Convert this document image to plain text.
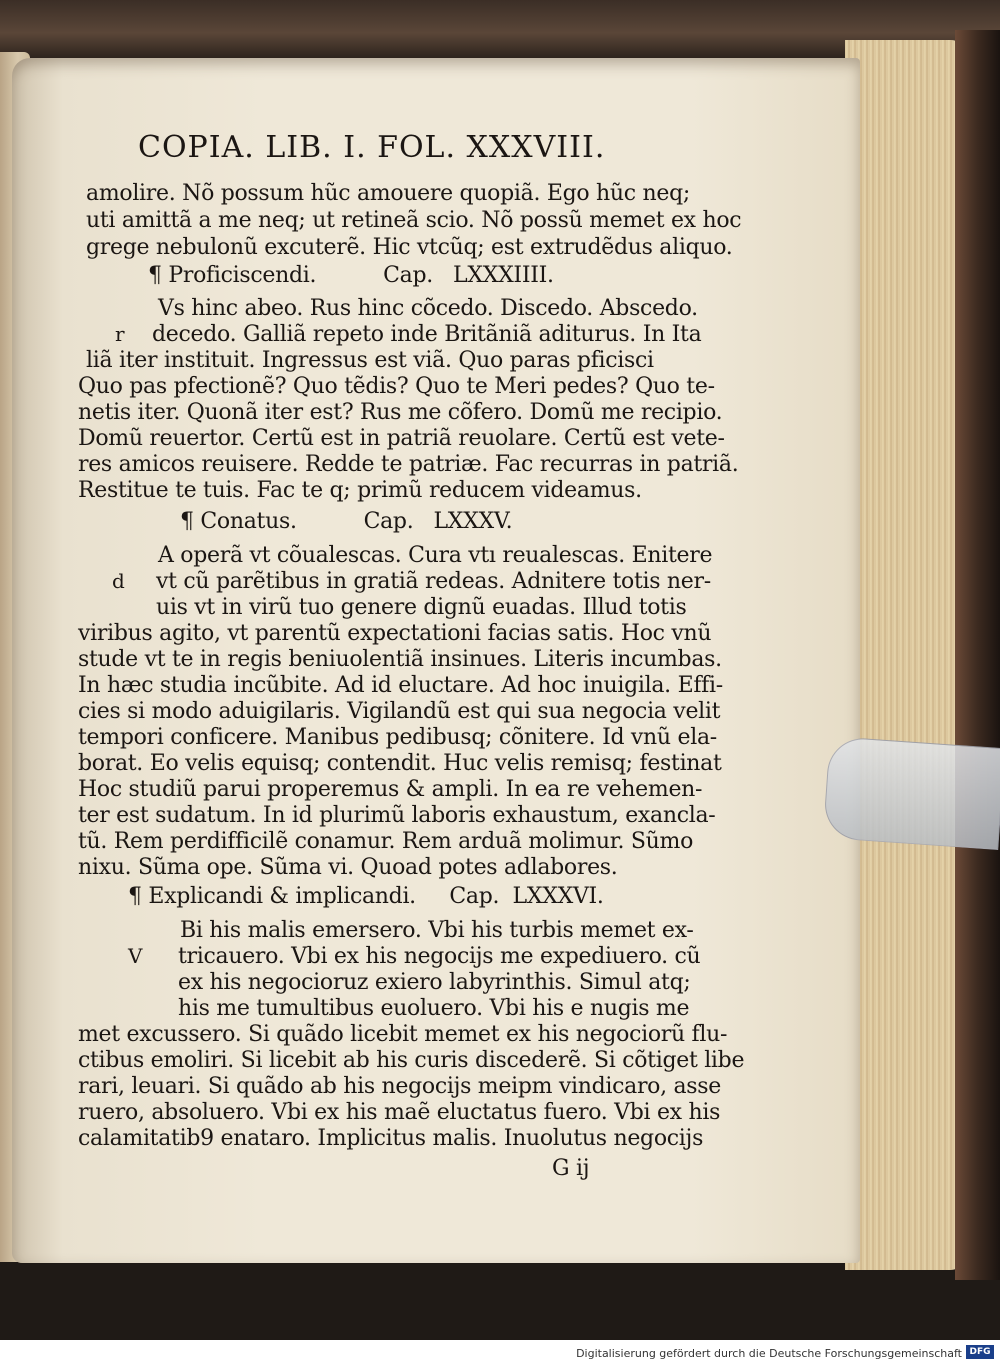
COPIA. LIB. I. FOL. XXXVIII.
amolire. Nõ possum hũc amouere quopiã. Ego hũc neq;
uti amittã a me neq; ut retineã scio. Nõ possũ memet ex hoc
grege nebulonũ excuterẽ. Hic vtcũq; est extrudẽdus aliquo.
¶ Proficiscendi.          Cap.   LXXXIIII.
Vs hinc abeo. Rus hinc cõcedo. Discedo. Abscedo.
r decedo. Galliã repeto inde Britãniã aditurus. In Ita
liã iter instituit. Ingressus est viã. Quo paras pficisci
Quo pas pfectionẽ? Quo tẽdis? Quo te Meri pedes? Quo te-
netis iter. Quonã iter est? Rus me cõfero. Domũ me recipio.
Domũ reuertor. Certũ est in patriã reuolare. Certũ est vete-
res amicos reuisere. Redde te patriæ. Fac recurras in patriã.
Restitue te tuis. Fac te q; primũ reducem videamus.
¶ Conatus.          Cap.   LXXXV.
A operã vt cõualescas. Cura vtı reualescas. Enitere
d vt cũ parẽtibus in gratiã redeas. Adnitere totis ner-
uis vt in virũ tuo genere dignũ euadas. Illud totis
viribus agito, vt parentũ expectationi facias satis. Hoc vnũ
stude vt te in regis beniuolentiã insinues. Literis incumbas.
In hæc studia incũbite. Ad id eluctare. Ad hoc inuigila. Effi-
cies si modo aduigilaris. Vigilandũ est qui sua negocia velit
tempori conficere. Manibus pedibusq; cõnitere. Id vnũ ela-
borat. Eo velis equisq; contendit. Huc velis remisq; festinat
Hoc studiũ parui properemus & ampli. In ea re vehemen-
ter est sudatum. In id plurimũ laboris exhaustum, exancla-
tũ. Rem perdifficilẽ conamur. Rem arduã molimur. Sũmo
nixu. Sũma ope. Sũma vi. Quoad potes adlabores.
¶ Explicandi & implicandi.     Cap.  LXXXVI.
Bi his malis emersero. Vbi his turbis memet ex-
V tricauero. Vbi ex his negocijs me expediuero. cũ
ex his negocioruz exiero labyrinthis. Simul atq;
his me tumultibus euoluero. Vbi his e nugis me
met excussero. Si quãdo licebit memet ex his negociorũ flu-
ctibus emoliri. Si licebit ab his curis discederẽ. Si cõtiget libe
rari, leuari. Si quãdo ab his negocijs meipm vindicaro, asse
ruero, absoluero. Vbi ex his maẽ eluctatus fuero. Vbi ex his
calamitatib9 enataro. Implicitus malis. Inuolutus negocijs
G ij
Digitalisierung gefördert durch die Deutsche Forschungsgemeinschaft DFG
